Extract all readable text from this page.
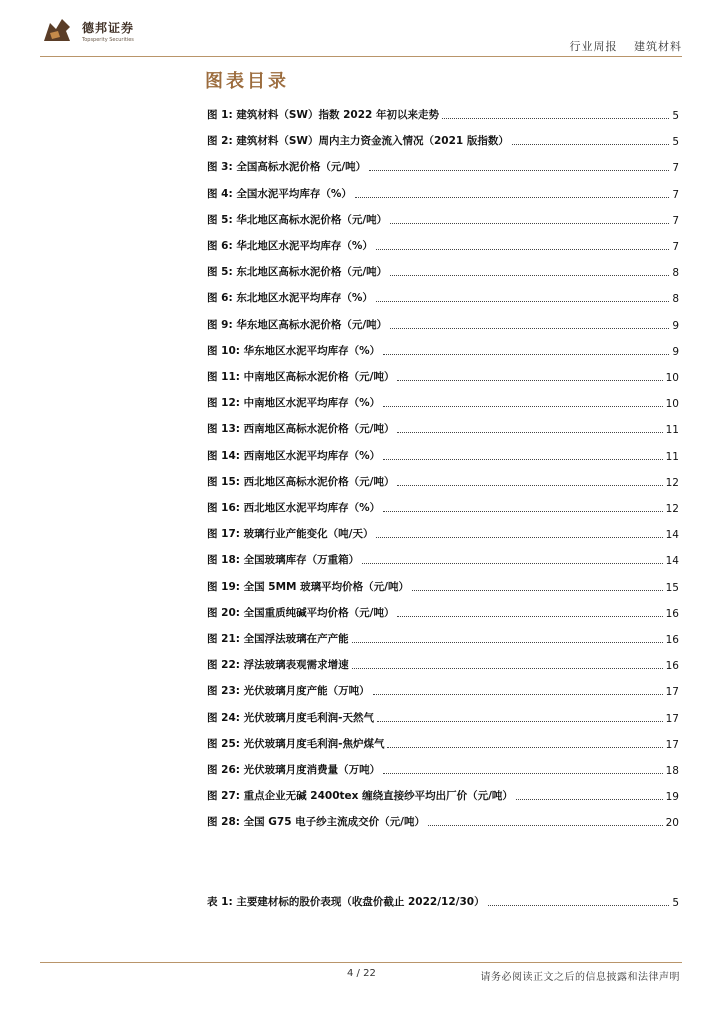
德邦证券
Topsperity Securities	行业周报 建筑材料
图表目录
图 1: 建筑材料（SW）指数 2022 年初以来走势	5
图 2: 建筑材料（SW）周内主力资金流入情况（2021 版指数）	5
图 3: 全国高标水泥价格（元/吨）	7
图 4: 全国水泥平均库存（%）	7
图 5: 华北地区高标水泥价格（元/吨）	7
图 6: 华北地区水泥平均库存（%）	7
图 5: 东北地区高标水泥价格（元/吨）	8
图 6: 东北地区水泥平均库存（%）	8
图 9: 华东地区高标水泥价格（元/吨）	9
图 10: 华东地区水泥平均库存（%）	9
图 11: 中南地区高标水泥价格（元/吨）	10
图 12: 中南地区水泥平均库存（%）	10
图 13: 西南地区高标水泥价格（元/吨）	11
图 14: 西南地区水泥平均库存（%）	11
图 15: 西北地区高标水泥价格（元/吨）	12
图 16: 西北地区水泥平均库存（%）	12
图 17: 玻璃行业产能变化（吨/天）	14
图 18: 全国玻璃库存（万重箱）	14
图 19: 全国 5MM 玻璃平均价格（元/吨）	15
图 20: 全国重质纯碱平均价格（元/吨）	16
图 21: 全国浮法玻璃在产产能	16
图 22: 浮法玻璃表观需求增速	16
图 23: 光伏玻璃月度产能（万吨）	17
图 24: 光伏玻璃月度毛利润-天然气	17
图 25: 光伏玻璃月度毛利润-焦炉煤气	17
图 26: 光伏玻璃月度消费量（万吨）	18
图 27: 重点企业无碱 2400tex 缠绕直接纱平均出厂价（元/吨）	19
图 28: 全国 G75 电子纱主流成交价（元/吨）	20
表 1: 主要建材标的股价表现（收盘价截止 2022/12/30）	5
4 / 22	请务必阅读正文之后的信息披露和法律声明
